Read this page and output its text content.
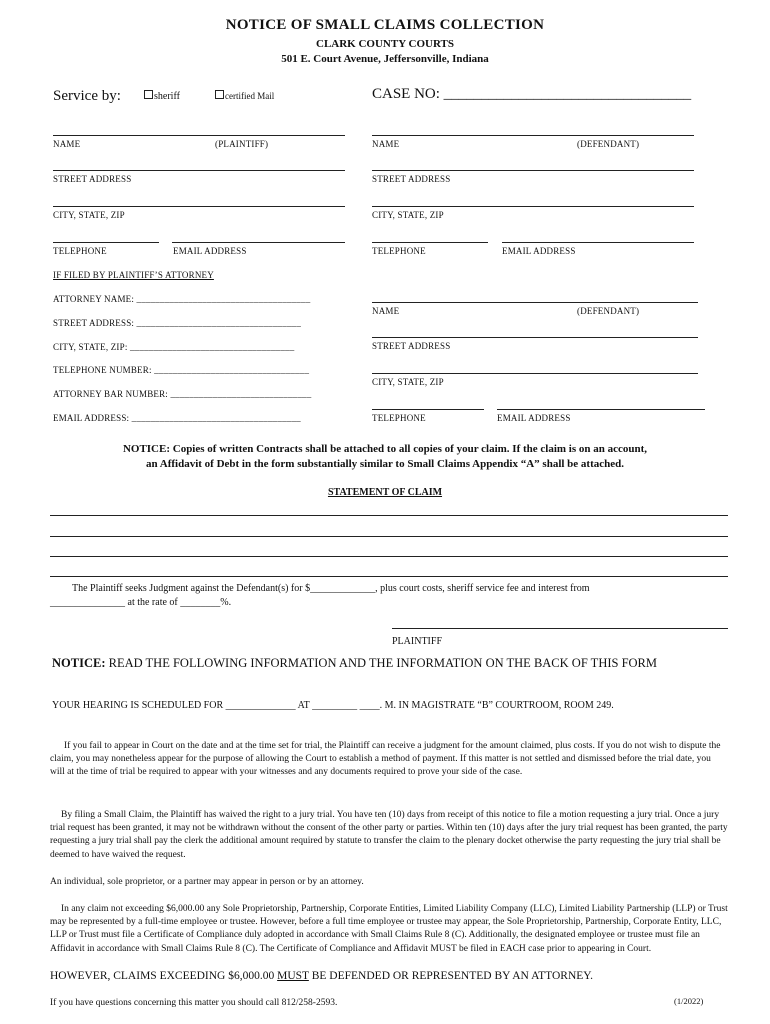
NOTICE OF SMALL CLAIMS COLLECTION
CLARK COUNTY COURTS
501 E. Court Avenue, Jeffersonville, Indiana
Service by:	sheriff	certified Mail	CASE NO: _________________________________
NAME	(PLAINTIFF)
STREET ADDRESS
CITY, STATE, ZIP
TELEPHONE	EMAIL ADDRESS
NAME	(DEFENDANT)
STREET ADDRESS
CITY, STATE, ZIP
TELEPHONE	EMAIL ADDRESS
IF FILED BY PLAINTIFF’S ATTORNEY
ATTORNEY NAME: _____________________________________
STREET ADDRESS: ___________________________________
CITY, STATE, ZIP: ___________________________________
TELEPHONE NUMBER: _________________________________
ATTORNEY BAR NUMBER: ______________________________
EMAIL ADDRESS: ____________________________________
NAME	(DEFENDANT)
STREET ADDRESS
CITY, STATE, ZIP
TELEPHONE	EMAIL ADDRESS
NOTICE: Copies of written Contracts shall be attached to all copies of your claim. If the claim is on an account,
an Affidavit of Debt in the form substantially similar to Small Claims Appendix “A” shall be attached.
STATEMENT OF CLAIM
The Plaintiff seeks Judgment against the Defendant(s) for $_____________, plus court costs, sheriff service fee and interest from
_______________ at the rate of ________%.
PLAINTIFF
NOTICE: READ THE FOLLOWING INFORMATION AND THE INFORMATION ON THE BACK OF THIS FORM
YOUR HEARING IS SCHEDULED FOR ______________ AT _________ ____. M. IN MAGISTRATE “B” COURTROOM, ROOM 249.
If you fail to appear in Court on the date and at the time set for trial, the Plaintiff can receive a judgment for the amount claimed, plus costs. If you do not wish to dispute the claim, you may nonetheless appear for the purpose of allowing the Court to establish a method of payment. If this matter is not settled and dismissed before the trial date, you will at the time of trial be required to appear with your witnesses and any documents required to prove your side of the case.
By filing a Small Claim, the Plaintiff has waived the right to a jury trial. You have ten (10) days from receipt of this notice to file a motion requesting a jury trial. Once a jury trial request has been granted, it may not be withdrawn without the consent of the other party or parties. Within ten (10) days after the jury trial request has been granted, the party requesting a jury trial shall pay the clerk the additional amount required by statute to transfer the claim to the plenary docket otherwise the party requesting the jury trial shall be deemed to have waived the request.
An individual, sole proprietor, or a partner may appear in person or by an attorney.
In any claim not exceeding $6,000.00 any Sole Proprietorship, Partnership, Corporate Entities, Limited Liability Company (LLC), Limited Liability Partnership (LLP) or Trust may be represented by a full-time employee or trustee. However, before a full time employee or trustee may appear, the Sole Proprietorship, Partnership, Corporate Entity, LLC, LLP or Trust must file a Certificate of Compliance duly adopted in accordance with Small Claims Rule 8 (C). Additionally, the designated employee or trustee must file an Affidavit in accordance with Small Claims Rule 8 (C). The Certificate of Compliance and Affidavit MUST be filed in EACH case prior to appearing in Court.
HOWEVER, CLAIMS EXCEEDING $6,000.00 MUST BE DEFENDED OR REPRESENTED BY AN ATTORNEY.
If you have questions concerning this matter you should call 812/258-2593.	(1/2022)
